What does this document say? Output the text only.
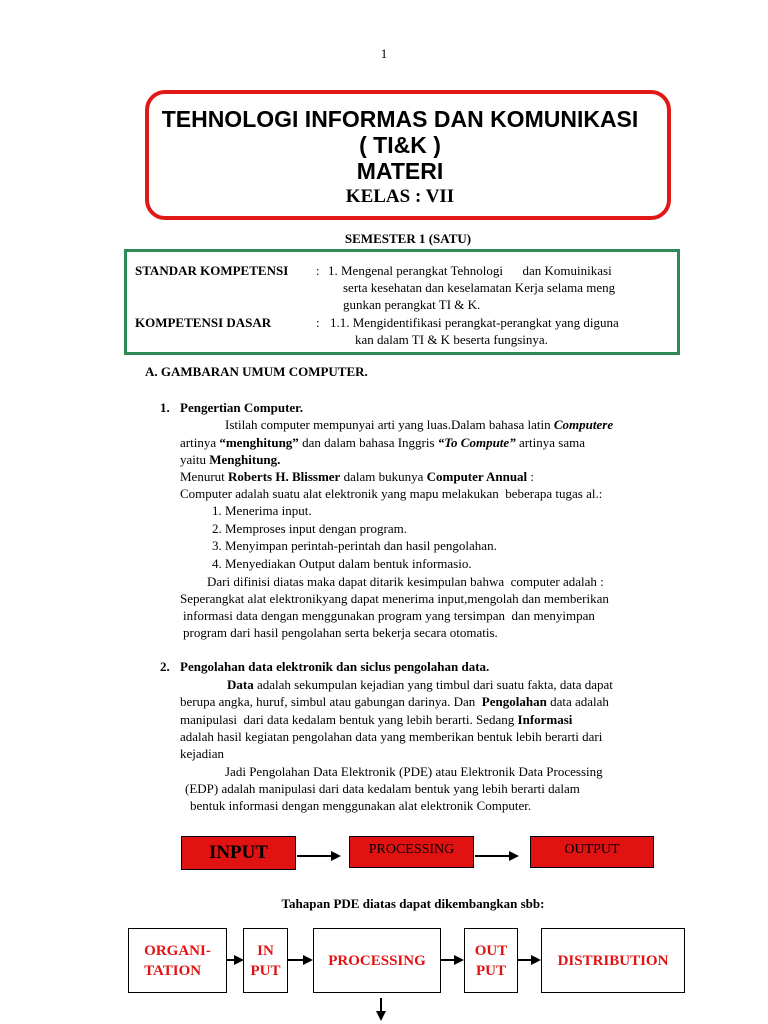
1
TEHNOLOGI INFORMAS DAN KOMUNIKASI
( TI&K )
MATERI
KELAS : VII
SEMESTER 1 (SATU)
STANDAR KOMPETENSI : 1. Mengenal perangkat Tehnologi      dan Komuinikasi
serta kesehatan dan keselamatan Kerja selama meng
gunkan perangkat TI & K.
KOMPETENSI DASAR	: 1.1. Mengidentifikasi perangkat-perangkat yang diguna
kan dalam TI & K beserta fungsinya.
A. GAMBARAN UMUM COMPUTER.
1. Pengertian Computer.
Istilah computer mempunyai arti yang luas.Dalam bahasa latin Computere
artinya “menghitung” dan dalam bahasa Inggris “To Compute” artinya sama
yaitu Menghitung.
Menurut Roberts H. Blissmer dalam bukunya Computer Annual :
Computer adalah suatu alat elektronik yang mapu melakukan  beberapa tugas al.:
1. Menerima input.
2. Memproses input dengan program.
3. Menyimpan perintah-perintah dan hasil pengolahan.
4. Menyediakan Output dalam bentuk informasio.
Dari difinisi diatas maka dapat ditarik kesimpulan bahwa  computer adalah :
Seperangkat alat elektronikyang dapat menerima input,mengolah dan memberikan
informasi data dengan menggunakan program yang tersimpan  dan menyimpan
program dari hasil pengolahan serta bekerja secara otomatis.
2. Pengolahan data elektronik dan siclus pengolahan data.
Data adalah sekumpulan kejadian yang timbul dari suatu fakta, data dapat
berupa angka, huruf, simbul atau gabungan darinya. Dan  Pengolahan data adalah
manipulasi  dari data kedalam bentuk yang lebih berarti. Sedang Informasi
adalah hasil kegiatan pengolahan data yang memberikan bentuk lebih berarti dari
kejadian
Jadi Pengolahan Data Elektronik (PDE) atau Elektronik Data Processing
(EDP) adalah manipulasi dari data kedalam bentuk yang lebih berarti dalam
bentuk informasi dengan menggunakan alat elektronik Computer.
INPUT	PROCESSING	OUTPUT
Tahapan PDE diatas dapat dikembangkan sbb:
ORGANI-
TATION
IN
PUT
PROCESSING
OUT
PUT
DISTRIBUTION
